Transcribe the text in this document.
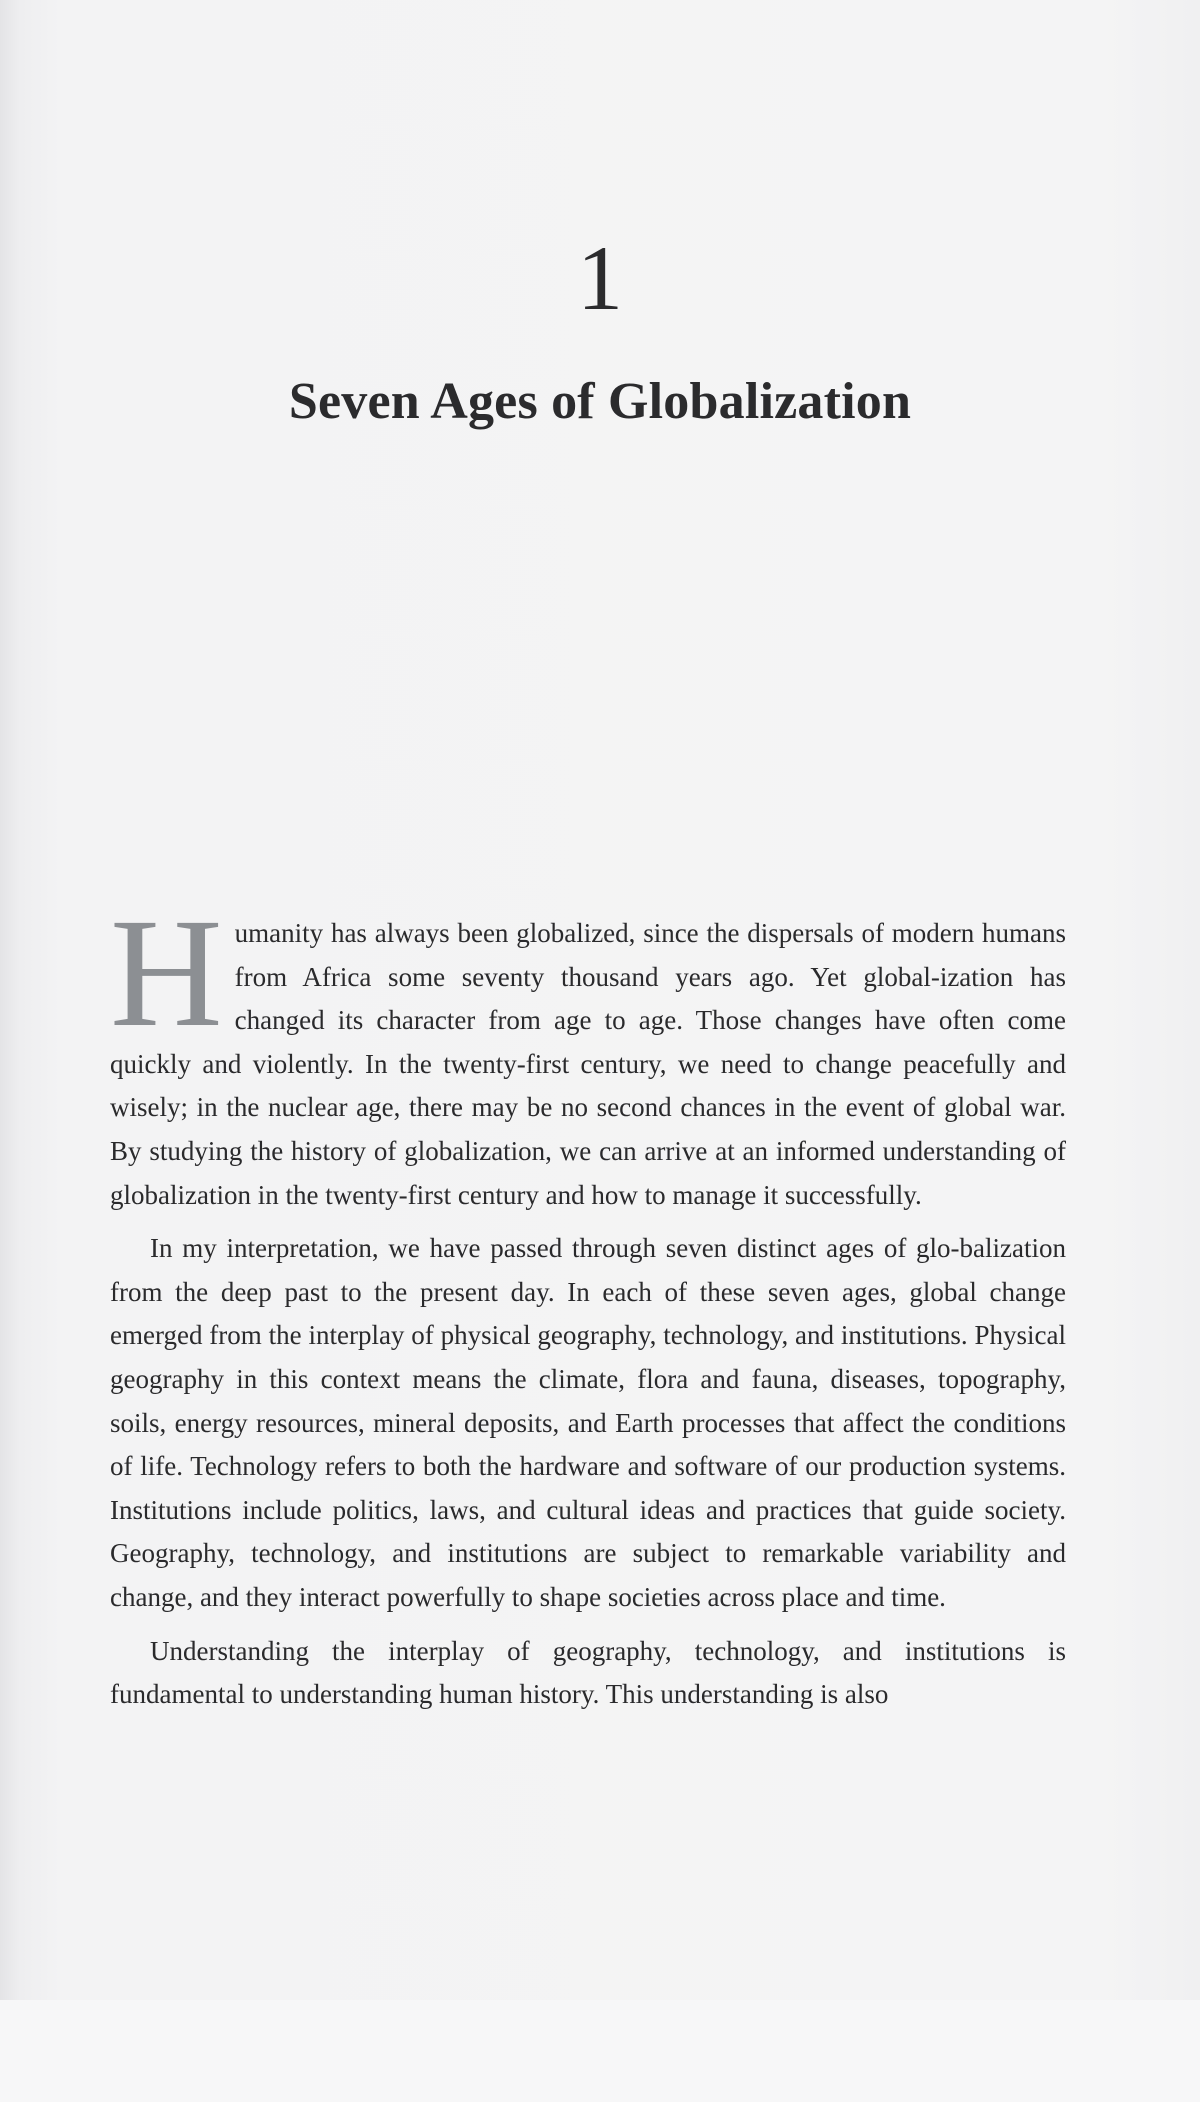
1
Seven Ages of Globalization

Humanity has always been globalized, since the dispersals of modern humans from Africa some seventy thousand years ago. Yet global-ization has changed its character from age to age. Those changes have often come quickly and violently. In the twenty-first century, we need to change peacefully and wisely; in the nuclear age, there may be no second chances in the event of global war. By studying the history of globalization, we can arrive at an informed understanding of globalization in the twenty-first century and how to manage it successfully.

In my interpretation, we have passed through seven distinct ages of glo-balization from the deep past to the present day. In each of these seven ages, global change emerged from the interplay of physical geography, technology, and institutions. Physical geography in this context means the climate, flora and fauna, diseases, topography, soils, energy resources, mineral deposits, and Earth processes that affect the conditions of life. Technology refers to both the hardware and software of our production systems. Institutions include politics, laws, and cultural ideas and practices that guide society. Geography, technology, and institutions are subject to remarkable variability and change, and they interact powerfully to shape societies across place and time.

Understanding the interplay of geography, technology, and institutions is fundamental to understanding human history. This understanding is also
